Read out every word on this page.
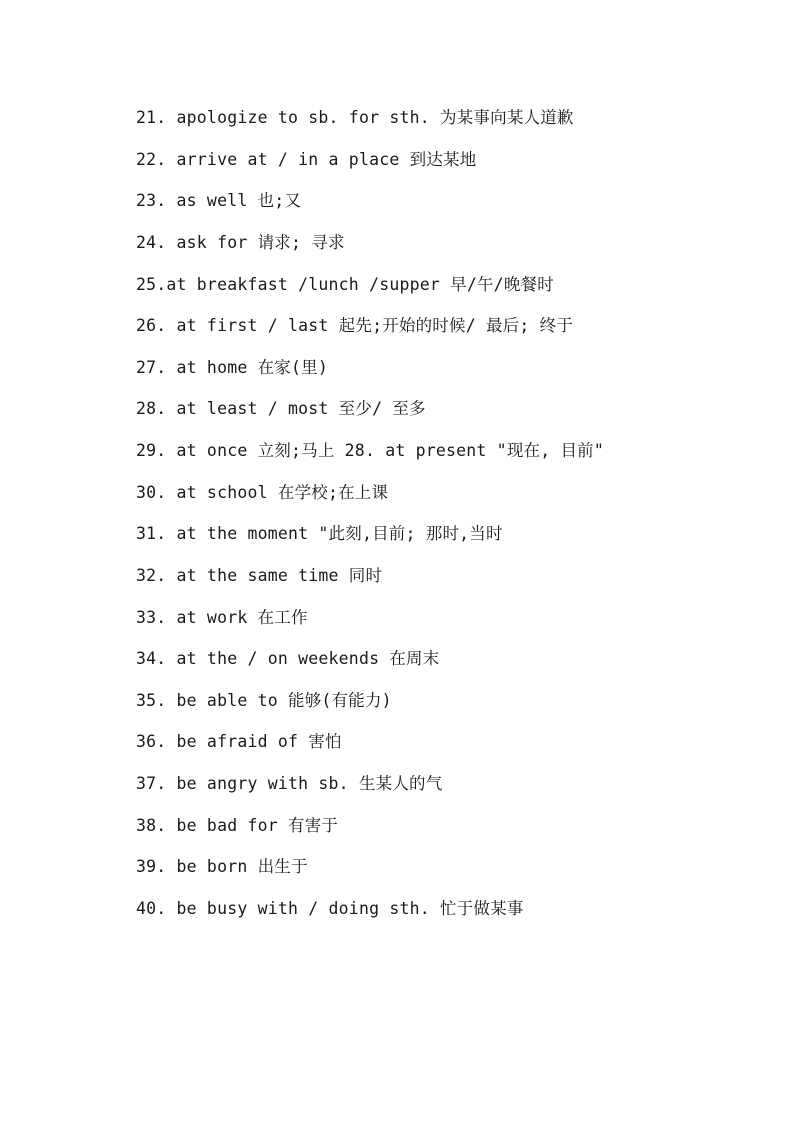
21. apologize to sb. for sth. 为某事向某人道歉
22. arrive at / in a place 到达某地
23. as well 也;又
24. ask for 请求; 寻求
25.at breakfast /lunch /supper 早/午/晚餐时
26. at first / last 起先;开始的时候/ 最后; 终于
27. at home 在家(里)
28. at least / most 至少/ 至多
29. at once 立刻;马上 28. at present "现在, 目前"
30. at school 在学校;在上课
31. at the moment "此刻,目前; 那时,当时
32. at the same time 同时
33. at work 在工作
34. at the / on weekends 在周末
35. be able to 能够(有能力)
36. be afraid of 害怕
37. be angry with sb. 生某人的气
38. be bad for 有害于
39. be born 出生于
40. be busy with / doing sth. 忙于做某事
